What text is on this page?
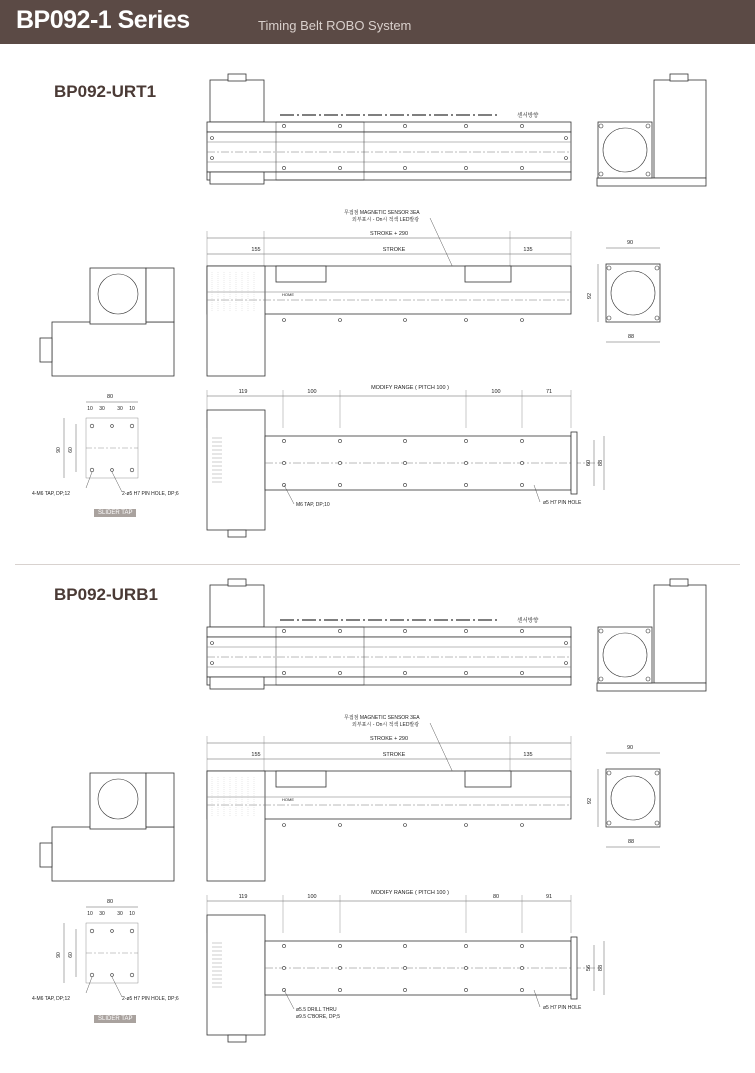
BP092-1 Series	Timing Belt ROBO System
BP092-URT1
BP092-URB1
SLIDER TAP
SLIDER TAP
센서방향
무접점 MAGNETIC SENSOR 3EA
외부표시 - On시 적색 LED발광
STROKE + 290
155	STROKE	135
HOME
90
92
88
80
10 30 30 10
90 60
4-M6 TAP, DP;12	2-ø5 H7 PIN HOLE, DP;6
119	100
MODIFY RANGE ( PITCH 100 )
100	71
60 88
M6 TAP, DP;10	ø5 H7 PIN HOLE
센서방향
무접점 MAGNETIC SENSOR 3EA
외부표시 - On시 적색 LED발광
STROKE + 290
155	STROKE	135
HOME
90
92
88
80
10 30 30 10
90 60
4-M6 TAP, DP;12	2-ø5 H7 PIN HOLE, DP;6
119	100
MODIFY RANGE ( PITCH 100 )
80	91
56 88
ø5.5 DRILL THRU
ø9.5 C'BORE, DP;5
ø5 H7 PIN HOLE
